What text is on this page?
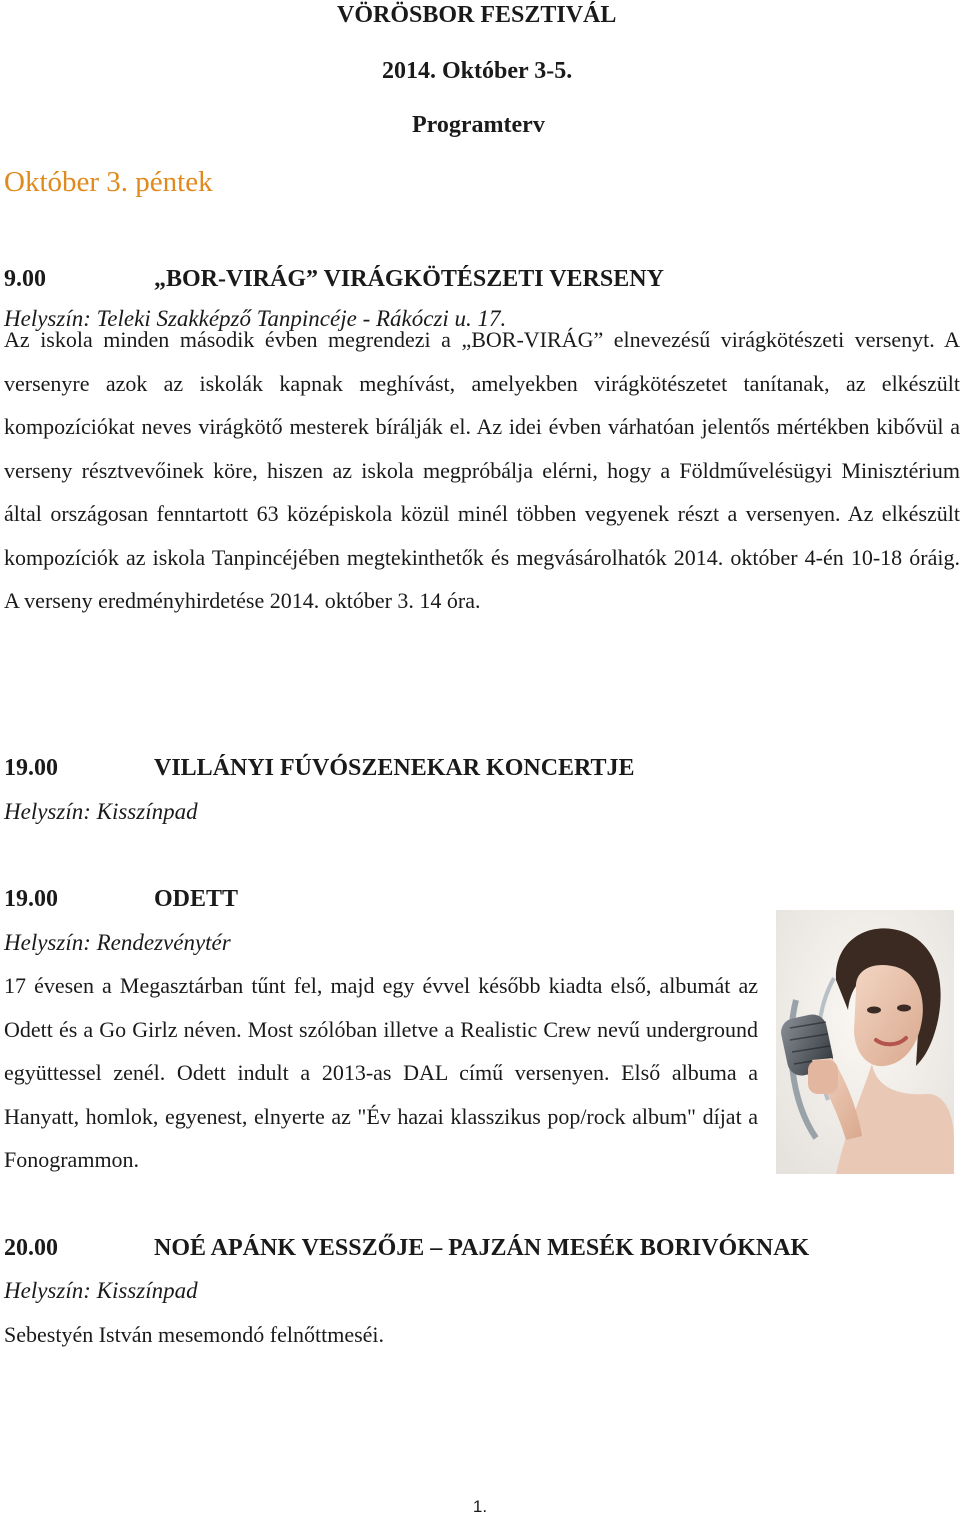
VÖRÖSBOR FESZTIVÁL
2014. Október 3-5.
Programterv
Október 3. péntek
9.00	„BOR-VIRÁG” VIRÁGKÖTÉSZETI VERSENY
Helyszín: Teleki Szakképző Tanpincéje - Rákóczi u. 17.
Az iskola minden második évben megrendezi a „BOR-VIRÁG” elnevezésű virágkötészeti versenyt. A versenyre azok az iskolák kapnak meghívást, amelyekben virágkötészetet tanítanak, az elkészült kompozíciókat neves virágkötő mesterek bírálják el. Az idei évben várhatóan jelentős mértékben kibővül a verseny résztvevőinek köre, hiszen az iskola megpróbálja elérni, hogy a Földművelésügyi Minisztérium által országosan fenntartott 63 középiskola közül minél többen vegyenek részt a versenyen. Az elkészült kompozíciók az iskola Tanpincéjében megtekinthetők és megvásárolhatók 2014. október 4-én 10-18 óráig. A verseny eredményhirdetése 2014. október 3. 14 óra.
19.00	VILLÁNYI FÚVÓSZENEKAR KONCERTJE
Helyszín: Kisszínpad
19.00	ODETT
Helyszín: Rendezvénytér
17 évesen a Megasztárban tűnt fel, majd egy évvel később kiadta első, albumát az Odett és a Go Girlz néven. Most szólóban illetve a Realistic Crew nevű underground együttessel zenél. Odett indult a 2013-as DAL című versenyen. Első albuma a Hanyatt, homlok, egyenest, elnyerte az "Év hazai klasszikus pop/rock album" díjat a Fonogrammon.
20.00	NOÉ APÁNK VESSZŐJE – PAJZÁN MESÉK BORIVÓKNAK
Helyszín: Kisszínpad
Sebestyén István mesemondó felnőttmeséi.
1.
